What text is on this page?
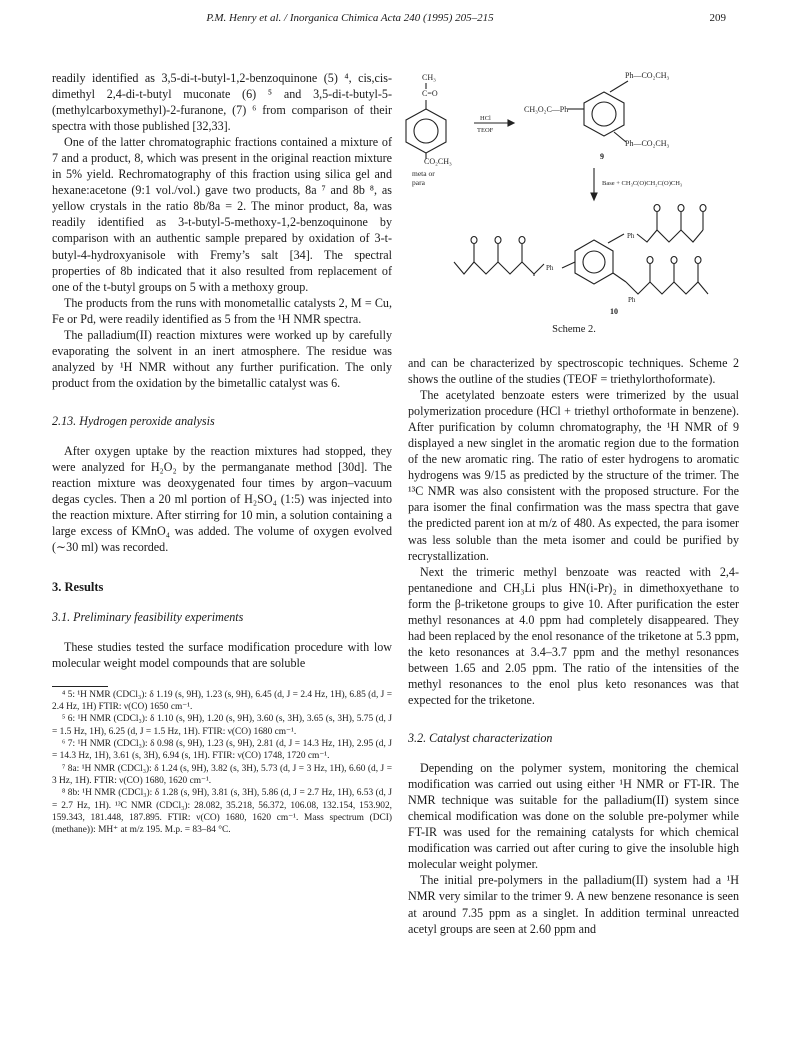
P.M. Henry et al. / Inorganica Chimica Acta 240 (1995) 205–215	209

readily identified as 3,5-di-t-butyl-1,2-benzoquinone (5) ⁴, cis,cis-dimethyl 2,4-di-t-butyl muconate (6) ⁵ and 3,5-di-t-butyl-5-(methylcarboxymethyl)-2-furanone, (7) ⁶ from comparison of their spectra with those published [32,33].

One of the latter chromatographic fractions contained a mixture of 7 and a product, 8, which was present in the original reaction mixture in 5% yield. Rechromatography of this fraction using silica gel and hexane:acetone (9:1 vol./vol.) gave two products, 8a ⁷ and 8b ⁸, as yellow crystals in the ratio 8b/8a = 2. The minor product, 8a, was readily identified as 3-t-butyl-5-methoxy-1,2-benzoquinone by comparison with an authentic sample prepared by oxidation of 3-t-butyl-4-hydroxyanisole with Fremy’s salt [34]. The spectral properties of 8b indicated that it also resulted from replacement of one of the t-butyl groups on 5 with a methoxy group.

The products from the runs with monometallic catalysts 2, M = Cu, Fe or Pd, were readily identified as 5 from the ¹H NMR spectra.

The palladium(II) reaction mixtures were worked up by carefully evaporating the solvent in an inert atmosphere. The residue was analyzed by ¹H NMR without any further purification. The only product from the oxidation by the bimetallic catalyst was 6.

2.13. Hydrogen peroxide analysis

After oxygen uptake by the reaction mixtures had stopped, they were analyzed for H₂O₂ by the permanganate method [30d]. The reaction mixture was deoxygenated four times by argon–vacuum degas cycles. Then a 20 ml portion of H₂SO₄ (1:5) was injected into the reaction mixture. After stirring for 10 min, a solution containing a large excess of KMnO₄ was added. The volume of oxygen evolved (∼30 ml) was recorded.

3. Results
3.1. Preliminary feasibility experiments

These studies tested the surface modification procedure with low molecular weight model compounds that are soluble

⁴ 5: ¹H NMR (CDCl₃): δ 1.19 (s, 9H), 1.23 (s, 9H), 6.45 (d, J = 2.4 Hz, 1H), 6.85 (d, J = 2.4 Hz, 1H) FTIR: ν(CO) 1650 cm⁻¹.

⁵ 6: ¹H NMR (CDCl₃): δ 1.10 (s, 9H), 1.20 (s, 9H), 3.60 (s, 3H), 3.65 (s, 3H), 5.75 (d, J = 1.5 Hz, 1H), 6.25 (d, J = 1.5 Hz, 1H). FTIR: ν(CO) 1680 cm⁻¹.

⁶ 7: ¹H NMR (CDCl₃): δ 0.98 (s, 9H), 1.23 (s, 9H), 2.81 (d, J = 14.3 Hz, 1H), 2.95 (d, J = 14.3 Hz, 1H), 3.61 (s, 3H), 6.94 (s, 1H). FTIR: ν(CO) 1748, 1720 cm⁻¹.

⁷ 8a: ¹H NMR (CDCl₃): δ 1.24 (s, 9H), 3.82 (s, 3H), 5.73 (d, J = 3 Hz, 1H), 6.60 (d, J = 3 Hz, 1H). FTIR: ν(CO) 1680, 1620 cm⁻¹.

⁸ 8b: ¹H NMR (CDCl₃): δ 1.28 (s, 9H), 3.81 (s, 3H), 5.86 (d, J = 2.7 Hz, 1H), 6.53 (d, J = 2.7 Hz, 1H). ¹³C NMR (CDCl₃): 28.082, 35.218, 56.372, 106.08, 132.154, 153.902, 159.343, 181.448, 187.895. FTIR: ν(CO) 1680, 1620 cm⁻¹. Mass spectrum (DCI) (methane)): MH⁺ at m/z 195. M.p. = 83–84 °C.

CH₃
C=O
CO₂CH₃
meta or
para
HCl
TEOF
Ph—CO₂CH₃
CH₃O₂C—Ph
Ph—CO₂CH₃
9
Base + CH₃C(O)CH₂C(O)CH₃
Ph
Ph
Ph
10
Scheme 2.

and can be characterized by spectroscopic techniques. Scheme 2 shows the outline of the studies (TEOF = triethylorthoformate).

The acetylated benzoate esters were trimerized by the usual polymerization procedure (HCl + triethyl orthoformate in benzene). After purification by column chromatography, the ¹H NMR of 9 displayed a new singlet in the aromatic region due to the formation of the new aromatic ring. The ratio of ester hydrogens to aromatic hydrogens was 9/15 as predicted by the structure of the trimer. The ¹³C NMR was also consistent with the proposed structure. For the para isomer the final confirmation was the mass spectra that gave the predicted parent ion at m/z of 480. As expected, the para isomer was less soluble than the meta isomer and could be purified by recrystallization.

Next the trimeric methyl benzoate was reacted with 2,4-pentanedione and CH₃Li plus HN(i-Pr)₂ in dimethoxyethane to form the β-triketone groups to give 10. After purification the ester methyl resonances at 4.0 ppm had completely disappeared. They had been replaced by the enol resonance of the triketone at 5.3 ppm, the keto resonances at 3.4–3.7 ppm and the methyl resonances between 1.65 and 2.05 ppm. The ratio of the intensities of the methyl resonances to the enol plus keto resonances was that expected for the triketone.

3.2. Catalyst characterization

Depending on the polymer system, monitoring the chemical modification was carried out using either ¹H NMR or FT-IR. The NMR technique was suitable for the palladium(II) system since chemical modification was done on the soluble pre-polymer while FT-IR was used for the remaining catalysts for which chemical modification was carried out after curing to give the insoluble high molecular weight polymer.

The initial pre-polymers in the palladium(II) system had a ¹H NMR very similar to the trimer 9. A new benzene resonance is seen at around 7.35 ppm as a singlet. In addition terminal unreacted acetyl groups are seen at 2.60 ppm and
